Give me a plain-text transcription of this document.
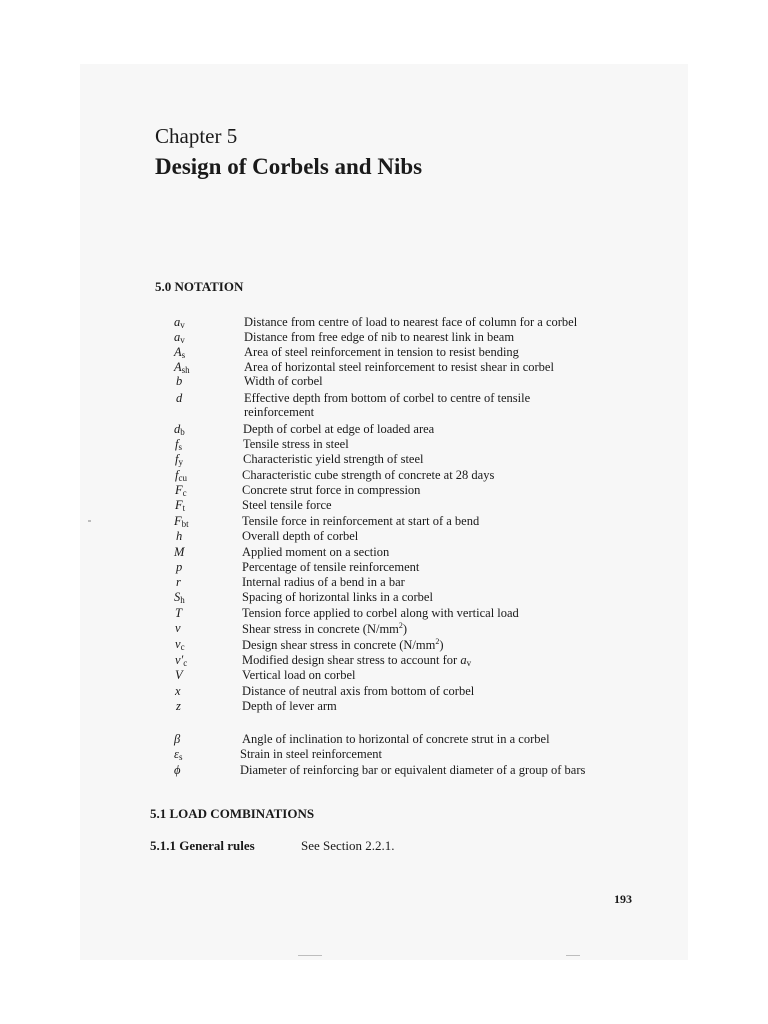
Chapter 5
Design of Corbels and Nibs
5.0 NOTATION
$a_v$	Distance from centre of load to nearest face of column for a corbel
$a_v$	Distance from free edge of nib to nearest link in beam
$A_s$	Area of steel reinforcement in tension to resist bending
$A_{sh}$	Area of horizontal steel reinforcement to resist shear in corbel
b	Width of corbel
d	Effective depth from bottom of corbel to centre of tensile
reinforcement
$d_b$	Depth of corbel at edge of loaded area
$f_s$	Tensile stress in steel
$f_y$	Characteristic yield strength of steel
$f_{cu}$	Characteristic cube strength of concrete at 28 days
$F_c$	Concrete strut force in compression
$F_t$	Steel tensile force
$F_{bt}$	Tensile force in reinforcement at start of a bend
h	Overall depth of corbel
M	Applied moment on a section
p	Percentage of tensile reinforcement
r	Internal radius of a bend in a bar
$S_h$	Spacing of horizontal links in a corbel
T	Tension force applied to corbel along with vertical load
v	Shear stress in concrete $(N/mm^2)$
$v_c$	Design shear stress in concrete $(N/mm^2)$
$v'_c$	Modified design shear stress to account for $a_v$
V	Vertical load on corbel
x	Distance of neutral axis from bottom of corbel
z	Depth of lever arm
β	Angle of inclination to horizontal of concrete strut in a corbel
$\varepsilon_s$	Strain in steel reinforcement
ϕ	Diameter of reinforcing bar or equivalent diameter of a group of bars
5.1 LOAD COMBINATIONS
5.1.1 General rules	See Section 2.2.1.
193
